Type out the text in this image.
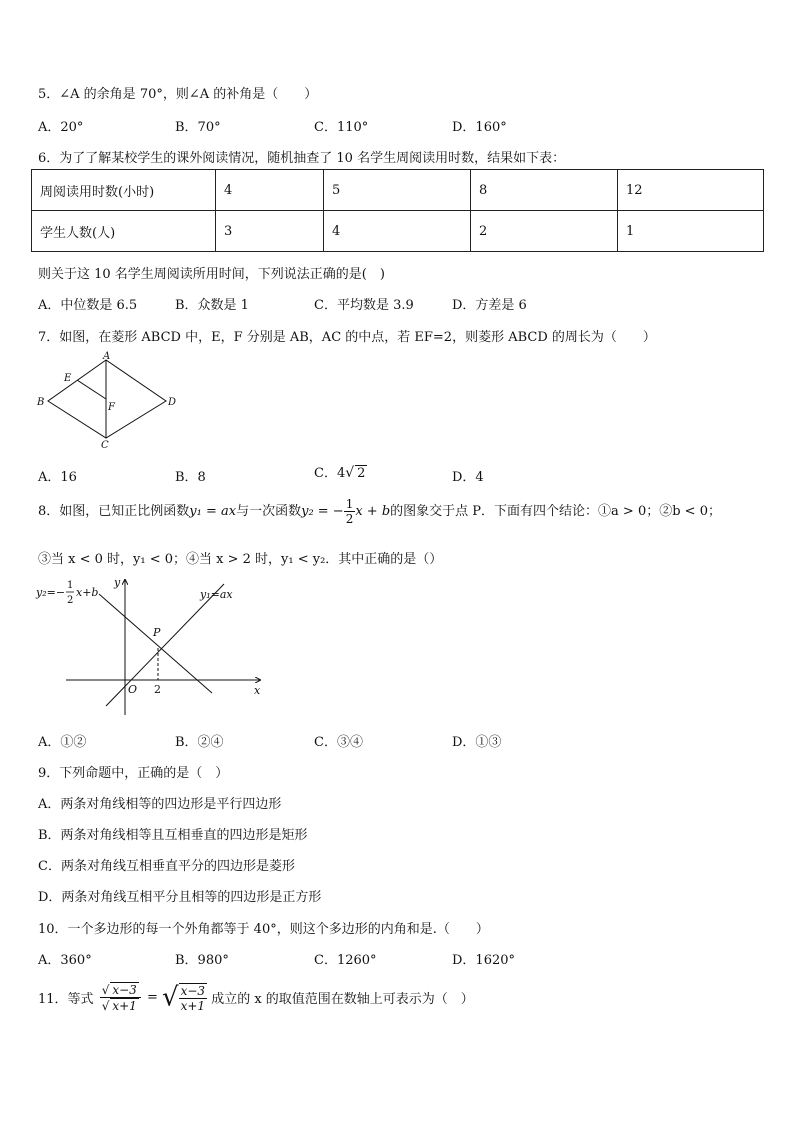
5．∠A 的余角是 70°，则∠A 的补角是（　　）
A．20°	B．70°	C．110°	D．160°
6．为了了解某校学生的课外阅读情况，随机抽查了 10 名学生周阅读用时数，结果如下表：
周阅读用时数(小时)	4	5	8	12
学生人数(人)	3	4	2	1
则关于这 10 名学生周阅读所用时间，下列说法正确的是(　)
A．中位数是 6.5	B．众数是 1	C．平均数是 3.9	D．方差是 6
7．如图，在菱形 ABCD 中，E，F 分别是 AB，AC 的中点，若 EF=2，则菱形 ABCD 的周长为（　　）
A
B
C
D
E
F
A．16	B．8	C．4√ 2	D．4
8．如图，已知正比例函数y₁ = ax与一次函数y₂ = − $\frac{1}{2}$ x + b的图象交于点 P．下面有四个结论：①a > 0；②b < 0；
③当 x < 0 时，y₁ < 0；④当 x > 2 时，y₁ < y₂．其中正确的是（）
y
x
O 2
P
y₁=ax
y₂=−
1
2
x+b
A．①②	B．②④	C．③④	D．①③
9．下列命题中，正确的是（　）
A．两条对角线相等的四边形是平行四边形
B．两条对角线相等且互相垂直的四边形是矩形
C．两条对角线互相垂直平分的四边形是菱形
D．两条对角线互相平分且相等的四边形是正方形
10．一个多边形的每一个外角都等于 40°，则这个多边形的内角和是.（　　）
A．360°	B．980°	C．1260°	D．1620°
11．等式 $\frac{√ x-3}{√ x+1}$ = √ $\frac{x-3}{x+1}$ 成立的 x 的取值范围在数轴上可表示为（　）
